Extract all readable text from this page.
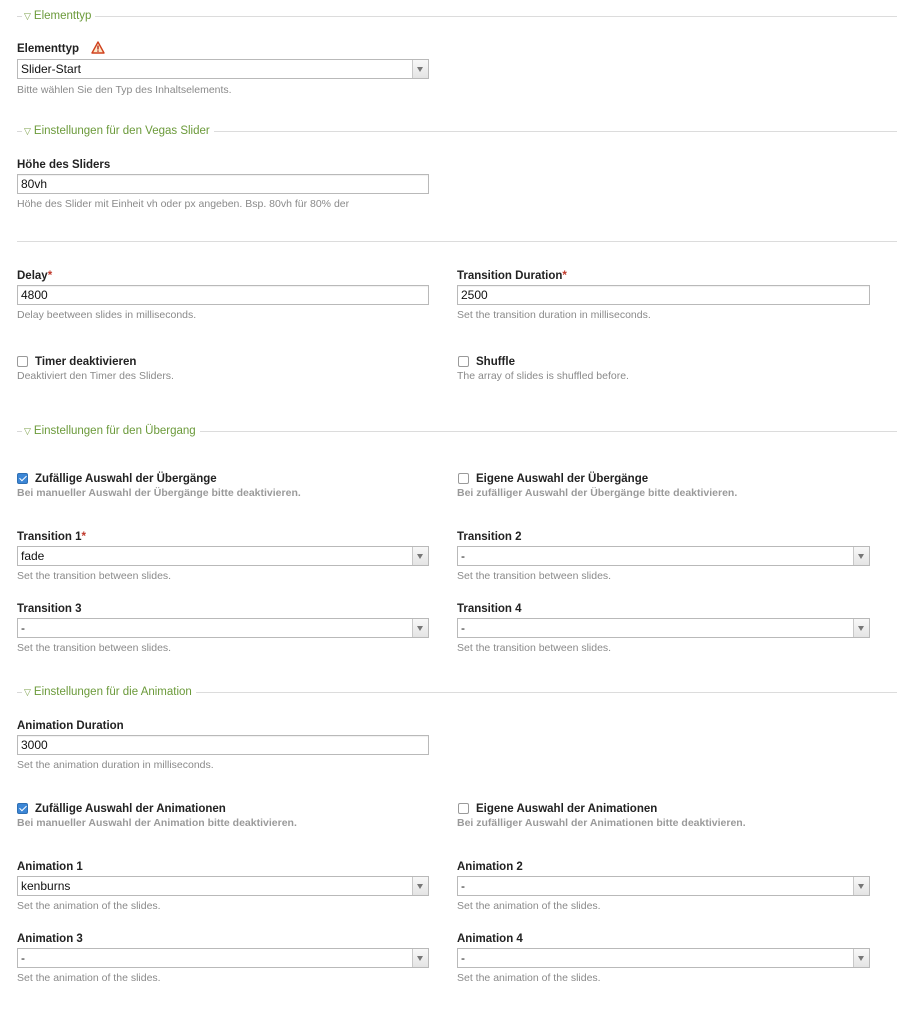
▽ Elementtyp
Elementtyp
Slider-Start
Bitte wählen Sie den Typ des Inhaltselements.
▽ Einstellungen für den Vegas Slider
Höhe des Sliders
80vh
Höhe des Slider mit Einheit vh oder px angeben. Bsp. 80vh für 80% der
Delay*
4800
Delay beetween slides in milliseconds.
Transition Duration*
2500
Set the transition duration in milliseconds.
Timer deaktivieren
Deaktiviert den Timer des Sliders.
Shuffle
The array of slides is shuffled before.
▽ Einstellungen für den Übergang
Zufällige Auswahl der Übergänge
Bei manueller Auswahl der Übergänge bitte deaktivieren.
Eigene Auswahl der Übergänge
Bei zufälliger Auswahl der Übergänge bitte deaktivieren.
Transition 1*
fade
Set the transition between slides.
Transition 2
-
Set the transition between slides.
Transition 3
-
Set the transition between slides.
Transition 4
-
Set the transition between slides.
▽ Einstellungen für die Animation
Animation Duration
3000
Set the animation duration in milliseconds.
Zufällige Auswahl der Animationen
Bei manueller Auswahl der Animation bitte deaktivieren.
Eigene Auswahl der Animationen
Bei zufälliger Auswahl der Animationen bitte deaktivieren.
Animation 1
kenburns
Set the animation of the slides.
Animation 2
-
Set the animation of the slides.
Animation 3
-
Set the animation of the slides.
Animation 4
-
Set the animation of the slides.
